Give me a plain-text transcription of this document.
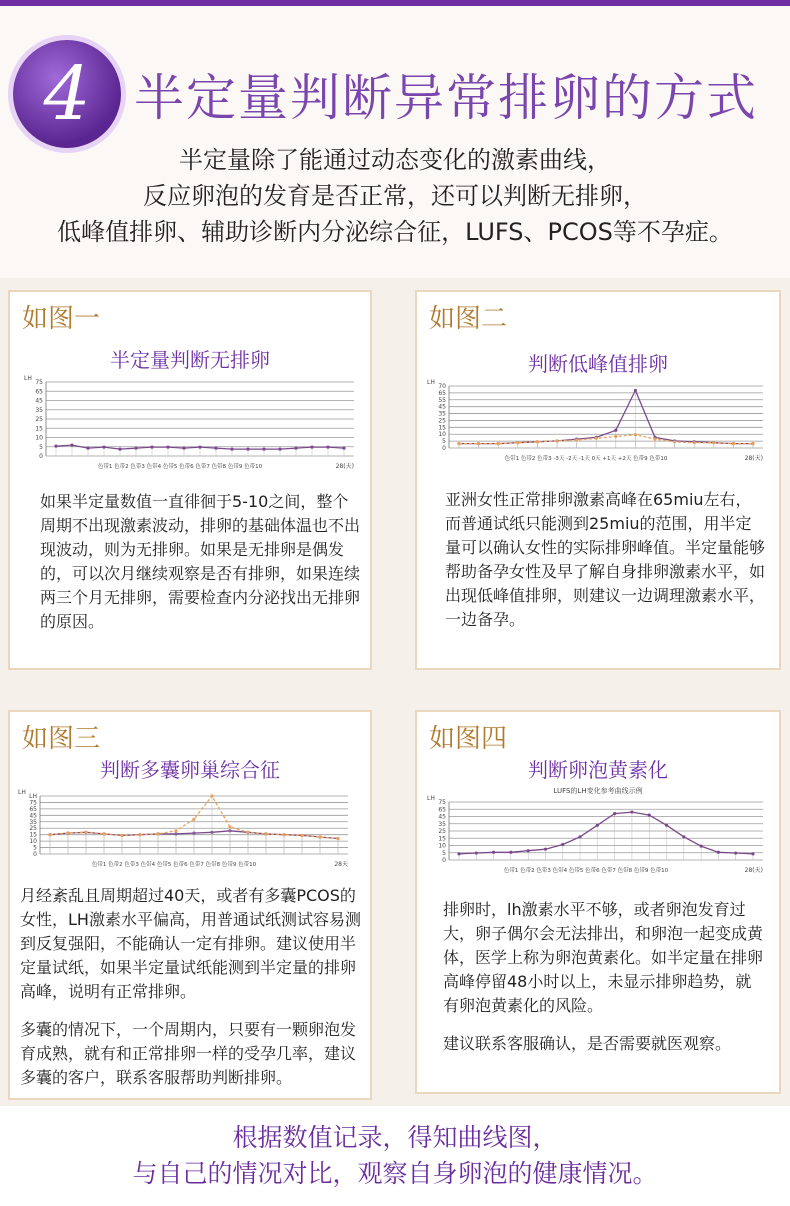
4 半定量判断异常排卵的方式
半定量除了能通过动态变化的激素曲线，
反应卵泡的发育是否正常，还可以判断无排卵，
低峰值排卵、辅助诊断内分泌综合征，LUFS、PCOS等不孕症。
如图一
半定量判断无排卵
LH
75
65
45
35
25
15
10
5
0
色带1 色带2 色带3 色带4 色带5 色带6 色带7 色带8 色带9 色带10	28(天)

如果半定量数值一直徘徊于5-10之间，整个周期不出现激素波动，排卵的基础体温也不出现波动，则为无排卵。如果是无排卵是偶发的，可以次月继续观察是否有排卵，如果连续两三个月无排卵，需要检查内分泌找出无排卵的原因。

如图二
判断低峰值排卵
LH
70
65
55
45
35
25
15
10
5
0
色带1 色带2 色带3 -3天 -2天 -1天 0天 +1天 +2天 色带9 色带10	28(天)

亚洲女性正常排卵激素高峰在65miu左右，而普通试纸只能测到25miu的范围，用半定量可以确认女性的实际排卵峰值。半定量能够帮助备孕女性及早了解自身排卵激素水平，如出现低峰值排卵，则建议一边调理激素水平，一边备孕。

如图三
判断多囊卵巢综合征
LH
LH
75
65
45
35
25
15
10
5
0
色带1 色带2 色带3 色带4 色带5 色带6 色带7 色带8 色带9 色带10	28天

月经紊乱且周期超过40天，或者有多囊PCOS的女性，LH激素水平偏高，用普通试纸测试容易测到反复强阳，不能确认一定有排卵。建议使用半定量试纸，如果半定量试纸能测到半定量的排卵高峰，说明有正常排卵。

多囊的情况下，一个周期内，只要有一颗卵泡发育成熟，就有和正常排卵一样的受孕几率，建议多囊的客户，联系客服帮助判断排卵。

如图四
判断卵泡黄素化
LUFS的LH变化参考曲线示例
LH
75
65
45
35
25
15
10
5
0
色带1 色带2 色带3 色带4 色带5 色带6 色带7 色带8 色带9 色带10	28(天)

排卵时，lh激素水平不够，或者卵泡发育过大，卵子偶尔会无法排出，和卵泡一起变成黄体，医学上称为卵泡黄素化。如半定量在排卵高峰停留48小时以上，未显示排卵趋势，就有卵泡黄素化的风险。

建议联系客服确认，是否需要就医观察。

根据数值记录，得知曲线图，

与自己的情况对比，观察自身卵泡的健康情况。
